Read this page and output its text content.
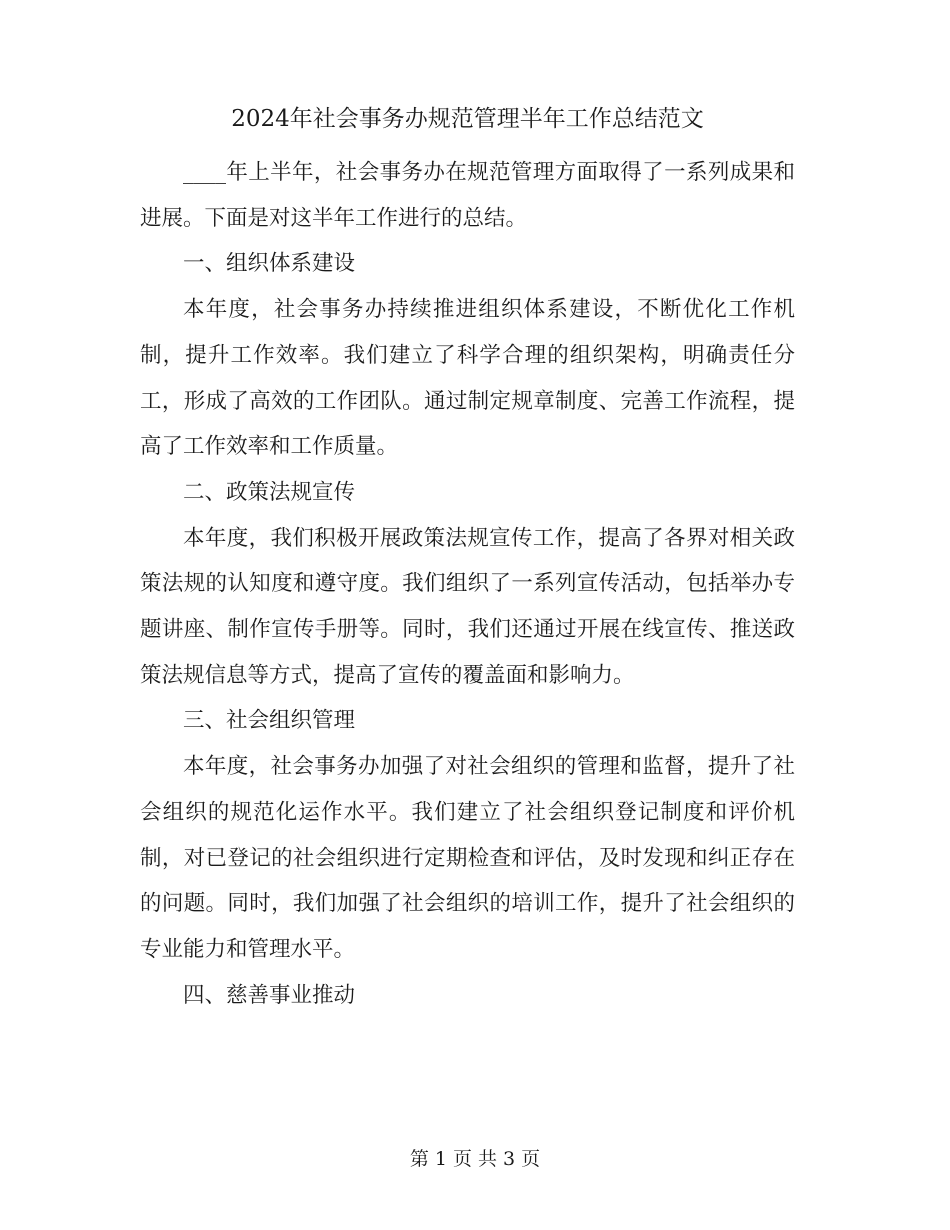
2024年社会事务办规范管理半年工作总结范文

____年上半年，社会事务办在规范管理方面取得了一系列成果和进展。下面是对这半年工作进行的总结。

一、组织体系建设

本年度，社会事务办持续推进组织体系建设，不断优化工作机制，提升工作效率。我们建立了科学合理的组织架构，明确责任分工，形成了高效的工作团队。通过制定规章制度、完善工作流程，提高了工作效率和工作质量。

二、政策法规宣传

本年度，我们积极开展政策法规宣传工作，提高了各界对相关政策法规的认知度和遵守度。我们组织了一系列宣传活动，包括举办专题讲座、制作宣传手册等。同时，我们还通过开展在线宣传、推送政策法规信息等方式，提高了宣传的覆盖面和影响力。

三、社会组织管理

本年度，社会事务办加强了对社会组织的管理和监督，提升了社会组织的规范化运作水平。我们建立了社会组织登记制度和评价机制，对已登记的社会组织进行定期检查和评估，及时发现和纠正存在的问题。同时，我们加强了社会组织的培训工作，提升了社会组织的专业能力和管理水平。

四、慈善事业推动

第 1 页 共 3 页
